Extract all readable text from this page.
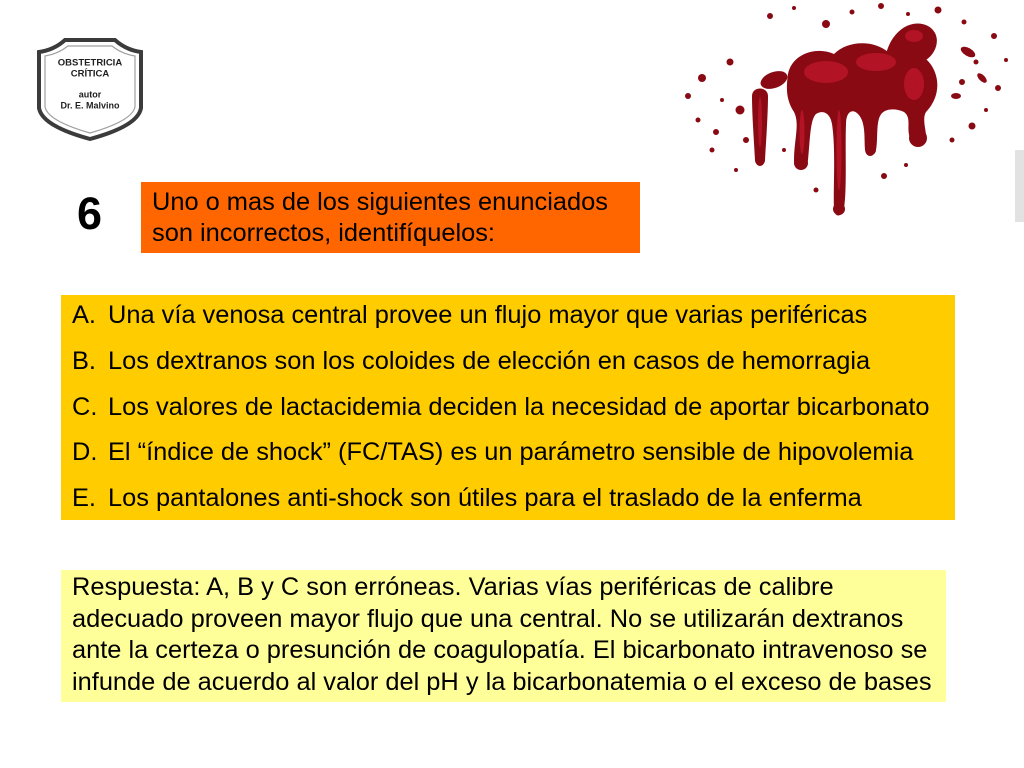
OBSTETRICIA
CRÍTICA
autor
Dr. E. Malvino
6 Uno o mas de los siguientes enunciados
son incorrectos, identifíquelos:
A. Una vía venosa central provee un flujo mayor que varias periféricas
B. Los dextranos son los coloides de elección en casos de hemorragia
C. Los valores de lactacidemia deciden la necesidad de aportar bicarbonato
D. El “índice de shock” (FC/TAS) es un parámetro sensible de hipovolemia
E. Los pantalones anti-shock son útiles para el traslado de la enferma
Respuesta: A, B y C son erróneas. Varias vías periféricas de calibre
adecuado proveen mayor flujo que una central. No se utilizarán dextranos
ante la certeza o presunción de coagulopatía. El bicarbonato intravenoso se
infunde de acuerdo al valor del pH y la bicarbonatemia o el exceso de bases
